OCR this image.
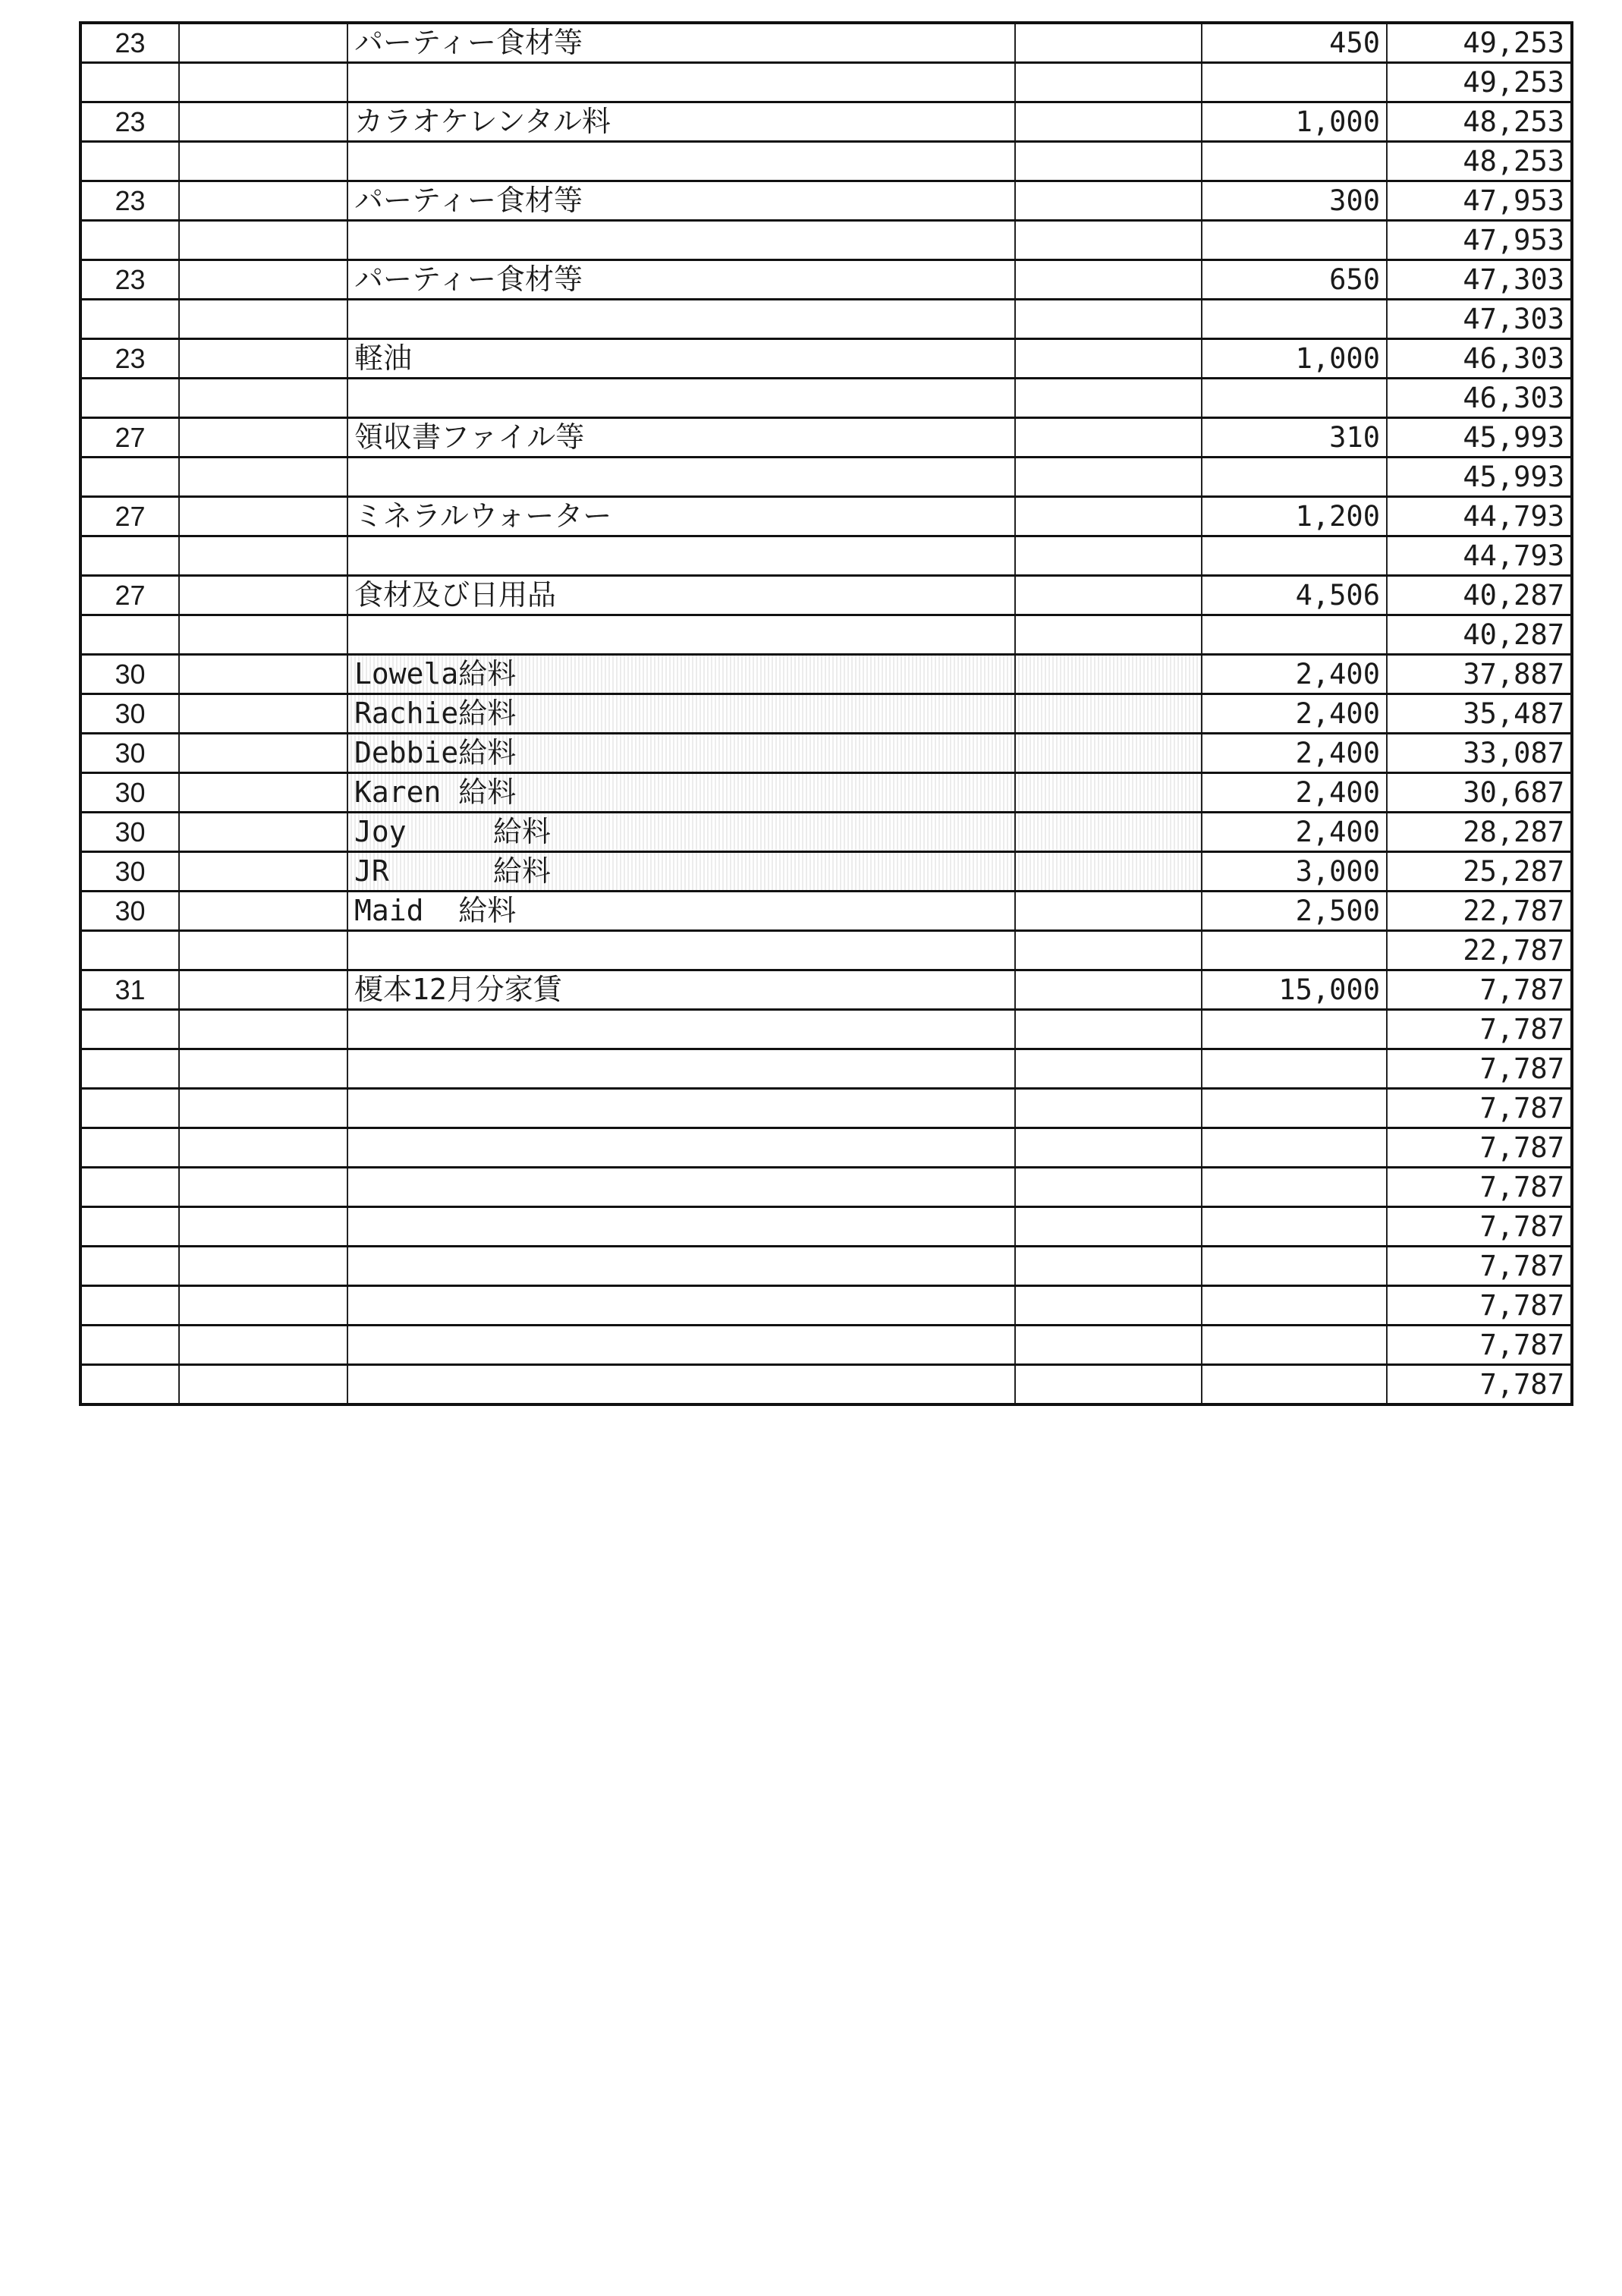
23		パーティー食材等		450	49,253
					49,253
23		カラオケレンタル料		1,000	48,253
					48,253
23		パーティー食材等		300	47,953
					47,953
23		パーティー食材等		650	47,303
					47,303
23		軽油		1,000	46,303
					46,303
27		領収書ファイル等		310	45,993
					45,993
27		ミネラルウォーター		1,200	44,793
					44,793
27		食材及び日用品		4,506	40,287
					40,287
30		Lowela給料		2,400	37,887
30		Rachie給料		2,400	35,487
30		Debbie給料		2,400	33,087
30		Karen 給料		2,400	30,687
30		Joy     給料		2,400	28,287
30		JR      給料		3,000	25,287
30		Maid  給料		2,500	22,787
					22,787
31		榎本12月分家賃		15,000	7,787
					7,787
					7,787
					7,787
					7,787
					7,787
					7,787
					7,787
					7,787
					7,787
					7,787
